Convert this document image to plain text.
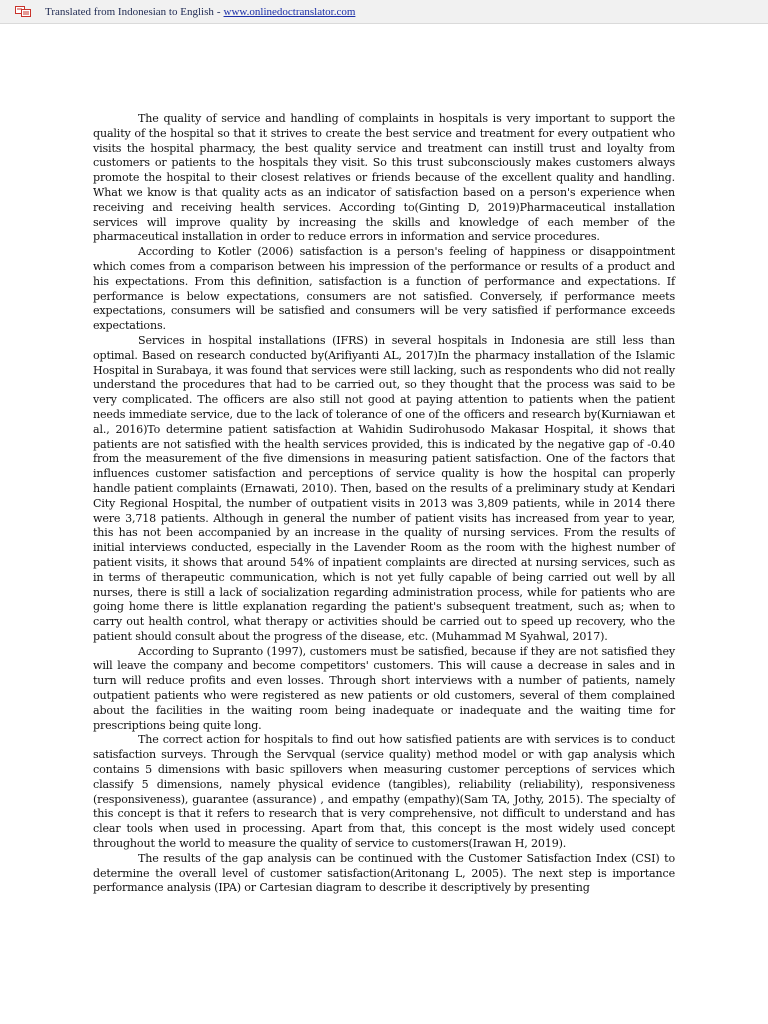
Translated from Indonesian to English - www.onlinedoctranslator.com

The quality of service and handling of complaints in hospitals is very important to support the quality of the hospital so that it strives to create the best service and treatment for every outpatient who visits the hospital pharmacy, the best quality service and treatment can instill trust and loyalty from customers or patients to the hospitals they visit. So this trust subconsciously makes customers always promote the hospital to their closest relatives or friends because of the excellent quality and handling. What we know is that quality acts as an indicator of satisfaction based on a person's experience when receiving and receiving health services. According to(Ginting D, 2019)Pharmaceutical installation services will improve quality by increasing the skills and knowledge of each member of the pharmaceutical installation in order to reduce errors in information and service procedures.

According to Kotler (2006) satisfaction is a person's feeling of happiness or disappointment which comes from a comparison between his impression of the performance or results of a product and his expectations. From this definition, satisfaction is a function of performance and expectations. If performance is below expectations, consumers are not satisfied. Conversely, if performance meets expectations, consumers will be satisfied and consumers will be very satisfied if performance exceeds expectations.

Services in hospital installations (IFRS) in several hospitals in Indonesia are still less than optimal. Based on research conducted by(Arifiyanti AL, 2017)In the pharmacy installation of the Islamic Hospital in Surabaya, it was found that services were still lacking, such as respondents who did not really understand the procedures that had to be carried out, so they thought that the process was said to be very complicated. The officers are also still not good at paying attention to patients when the patient needs immediate service, due to the lack of tolerance of one of the officers and research by(Kurniawan et al., 2016)To determine patient satisfaction at Wahidin Sudirohusodo Makasar Hospital, it shows that patients are not satisfied with the health services provided, this is indicated by the negative gap of -0.40 from the measurement of the five dimensions in measuring patient satisfaction. One of the factors that influences customer satisfaction and perceptions of service quality is how the hospital can properly handle patient complaints (Ernawati, 2010). Then, based on the results of a preliminary study at Kendari City Regional Hospital, the number of outpatient visits in 2013 was 3,809 patients, while in 2014 there were 3,718 patients. Although in general the number of patient visits has increased from year to year, this has not been accompanied by an increase in the quality of nursing services. From the results of initial interviews conducted, especially in the Lavender Room as the room with the highest number of patient visits, it shows that around 54% of inpatient complaints are directed at nursing services, such as in terms of therapeutic communication, which is not yet fully capable of being carried out well by all nurses, there is still a lack of socialization regarding administration process, while for patients who are going home there is little explanation regarding the patient's subsequent treatment, such as; when to carry out health control, what therapy or activities should be carried out to speed up recovery, who the patient should consult about the progress of the disease, etc. (Muhammad M Syahwal, 2017).

According to Supranto (1997), customers must be satisfied, because if they are not satisfied they will leave the company and become competitors' customers. This will cause a decrease in sales and in turn will reduce profits and even losses. Through short interviews with a number of patients, namely outpatient patients who were registered as new patients or old customers, several of them complained about the facilities in the waiting room being inadequate or inadequate and the waiting time for prescriptions being quite long.

The correct action for hospitals to find out how satisfied patients are with services is to conduct satisfaction surveys. Through the Servqual (service quality) method model or with gap analysis which contains 5 dimensions with basic spillovers when measuring customer perceptions of services which classify 5 dimensions, namely physical evidence (tangibles), reliability (reliability), responsiveness (responsiveness), guarantee (assurance) , and empathy (empathy)(Sam TA, Jothy, 2015). The specialty of this concept is that it refers to research that is very comprehensive, not difficult to understand and has clear tools when used in processing. Apart from that, this concept is the most widely used concept throughout the world to measure the quality of service to customers(Irawan H, 2019).

The results of the gap analysis can be continued with the Customer Satisfaction Index (CSI) to determine the overall level of customer satisfaction(Aritonang L, 2005). The next step is importance performance analysis (IPA) or Cartesian diagram to describe it descriptively by presenting
